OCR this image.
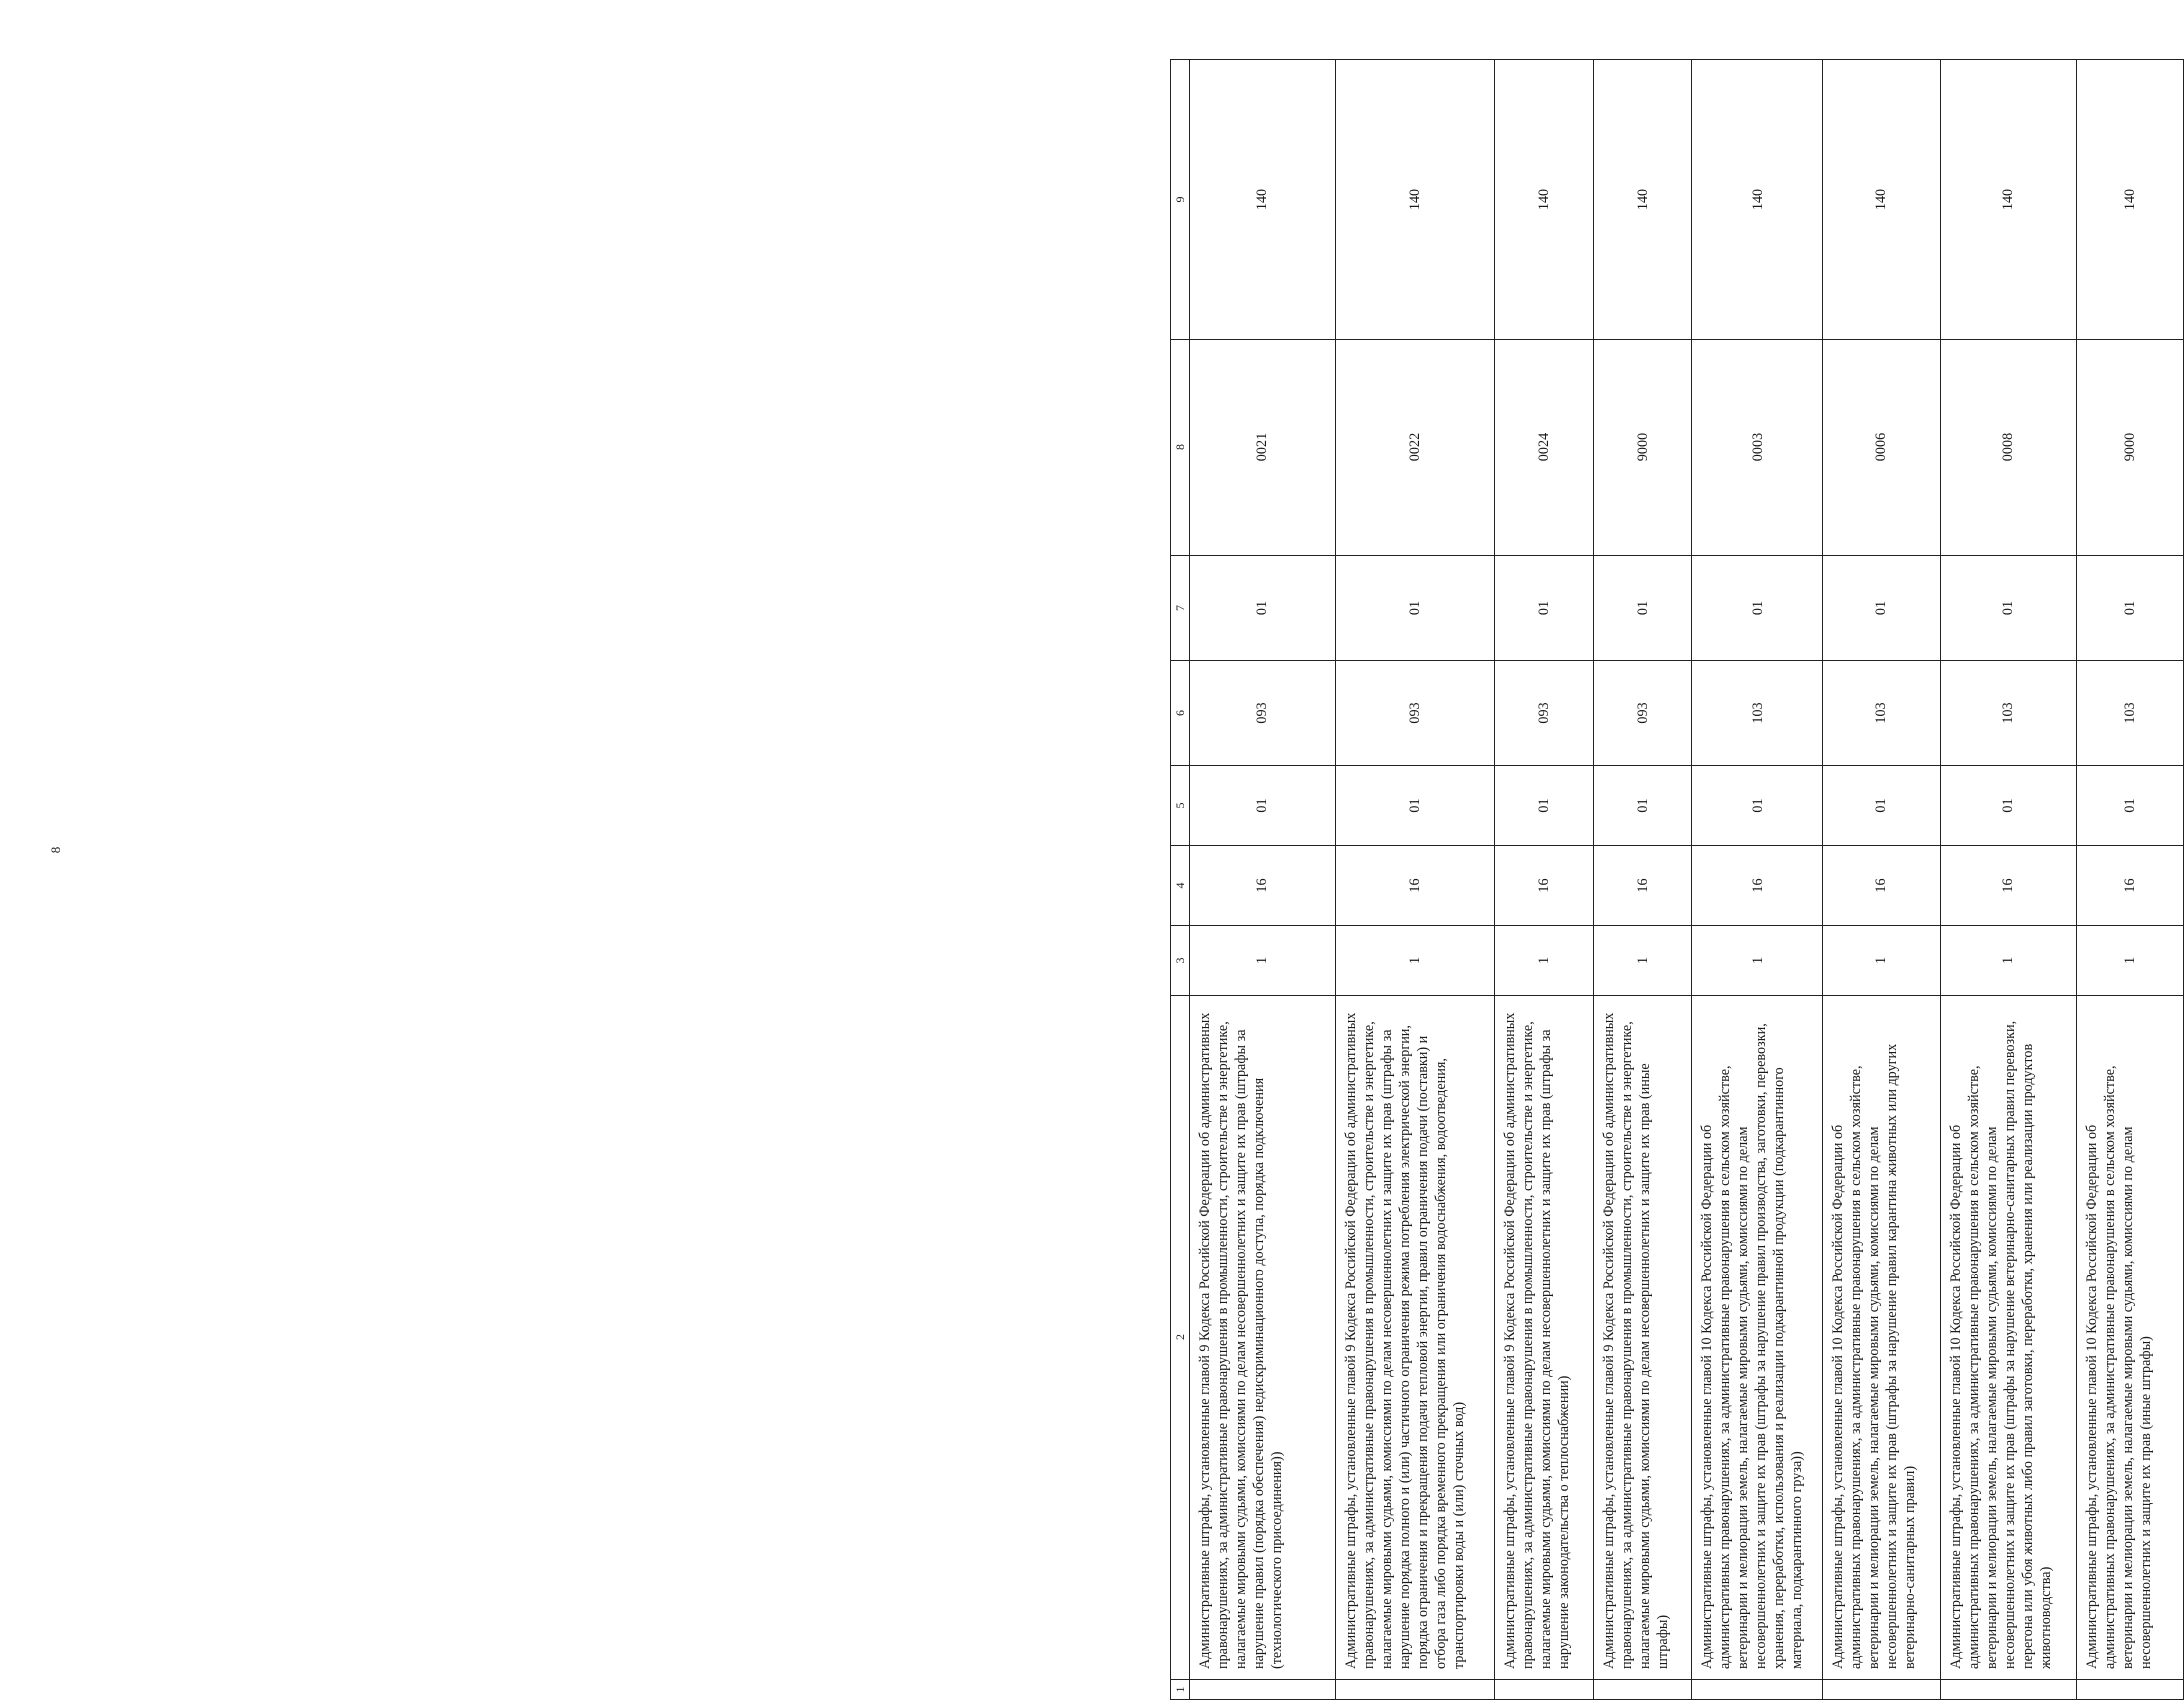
8
1	2	3	4	5	6	7	8	9
	Административные штрафы, установленные главой 9 Кодекса Российской Федерации об административных правонарушениях, за административные правонарушения в промышленности, строительстве и энергетике, налагаемые мировыми судьями, комиссиями по делам несовершеннолетних и защите их прав (штрафы за нарушение правил (порядка обеспечения) недискриминационного доступа, порядка подключения (технологического присоединения))	1	16	01	093	01	0021	140
	Административные штрафы, установленные главой 9 Кодекса Российской Федерации об административных правонарушениях, за административные правонарушения в промышленности, строительстве и энергетике, налагаемые мировыми судьями, комиссиями по делам несовершеннолетних и защите их прав (штрафы за нарушение порядка полного и (или) частичного ограничения режима потребления электрической энергии, порядка ограничения и прекращения подачи тепловой энергии, правил ограничения подачи (поставки) и отбора газа либо порядка временного прекращения или ограничения водоснабжения, водоотведения, транспортировки воды и (или) сточных вод)	1	16	01	093	01	0022	140
	Административные штрафы, установленные главой 9 Кодекса Российской Федерации об административных правонарушениях, за административные правонарушения в промышленности, строительстве и энергетике, налагаемые мировыми судьями, комиссиями по делам несовершеннолетних и защите их прав (штрафы за нарушение законодательства о теплоснабжении)	1	16	01	093	01	0024	140
	Административные штрафы, установленные главой 9 Кодекса Российской Федерации об административных правонарушениях, за административные правонарушения в промышленности, строительстве и энергетике, налагаемые мировыми судьями, комиссиями по делам несовершеннолетних и защите их прав (иные штрафы)	1	16	01	093	01	9000	140
	Административные штрафы, установленные главой 10 Кодекса Российской Федерации об административных правонарушениях, за административные правонарушения в сельском хозяйстве, ветеринарии и мелиорации земель, налагаемые мировыми судьями, комиссиями по делам несовершеннолетних и защите их прав (штрафы за нарушение правил производства, заготовки, перевозки, хранения, переработки, использования и реализации подкарантинной продукции (подкарантинного материала, подкарантинного груза))	1	16	01	103	01	0003	140
	Административные штрафы, установленные главой 10 Кодекса Российской Федерации об административных правонарушениях, за административные правонарушения в сельском хозяйстве, ветеринарии и мелиорации земель, налагаемые мировыми судьями, комиссиями по делам несовершеннолетних и защите их прав (штрафы за нарушение правил карантина животных или других ветеринарно-санитарных правил)	1	16	01	103	01	0006	140
	Административные штрафы, установленные главой 10 Кодекса Российской Федерации об административных правонарушениях, за административные правонарушения в сельском хозяйстве, ветеринарии и мелиорации земель, налагаемые мировыми судьями, комиссиями по делам несовершеннолетних и защите их прав (штрафы за нарушение ветеринарно-санитарных правил перевозки, перегона или убоя животных либо правил заготовки, переработки, хранения или реализации продуктов животноводства)	1	16	01	103	01	0008	140
	Административные штрафы, установленные главой 10 Кодекса Российской Федерации об административных правонарушениях, за административные правонарушения в сельском хозяйстве, ветеринарии и мелиорации земель, налагаемые мировыми судьями, комиссиями по делам несовершеннолетних и защите их прав (иные штрафы)	1	16	01	103	01	9000	140
